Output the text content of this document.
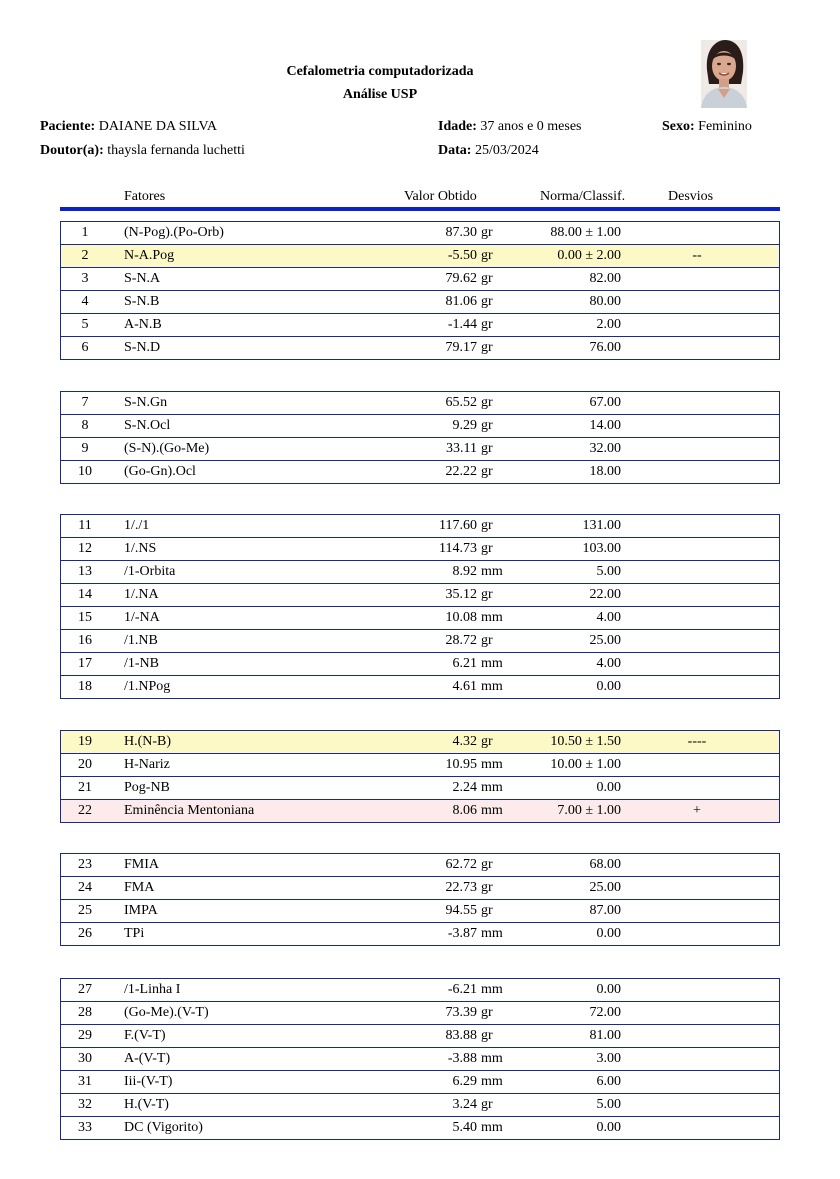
Cefalometria computadorizada
Análise USP
Paciente: DAIANE DA SILVA
Doutor(a): thaysla fernanda luchetti
Idade: 37 anos e 0 meses
Data: 25/03/2024
Sexo: Feminino
Fatores	Valor Obtido	Norma/Classif.	Desvios
1	(N-Pog).(Po-Orb)	87.30 gr	88.00 ± 1.00
2	N-A.Pog	-5.50 gr	0.00 ± 2.00	--
3	S-N.A	79.62 gr	82.00
4	S-N.B	81.06 gr	80.00
5	A-N.B	-1.44 gr	2.00
6	S-N.D	79.17 gr	76.00
7	S-N.Gn	65.52 gr	67.00
8	S-N.Ocl	9.29 gr	14.00
9	(S-N).(Go-Me)	33.11 gr	32.00
10	(Go-Gn).Ocl	22.22 gr	18.00
11	1/./1	117.60 gr	131.00
12	1/.NS	114.73 gr	103.00
13	/1-Orbita	8.92 mm	5.00
14	1/.NA	35.12 gr	22.00
15	1/-NA	10.08 mm	4.00
16	/1.NB	28.72 gr	25.00
17	/1-NB	6.21 mm	4.00
18	/1.NPog	4.61 mm	0.00
19	H.(N-B)	4.32 gr	10.50 ± 1.50	----
20	H-Nariz	10.95 mm	10.00 ± 1.00
21	Pog-NB	2.24 mm	0.00
22	Eminência Mentoniana	8.06 mm	7.00 ± 1.00	+
23	FMIA	62.72 gr	68.00
24	FMA	22.73 gr	25.00
25	IMPA	94.55 gr	87.00
26	TPi	-3.87 mm	0.00
27	/1-Linha I	-6.21 mm	0.00
28	(Go-Me).(V-T)	73.39 gr	72.00
29	F.(V-T)	83.88 gr	81.00
30	A-(V-T)	-3.88 mm	3.00
31	Iii-(V-T)	6.29 mm	6.00
32	H.(V-T)	3.24 gr	5.00
33	DC (Vigorito)	5.40 mm	0.00
